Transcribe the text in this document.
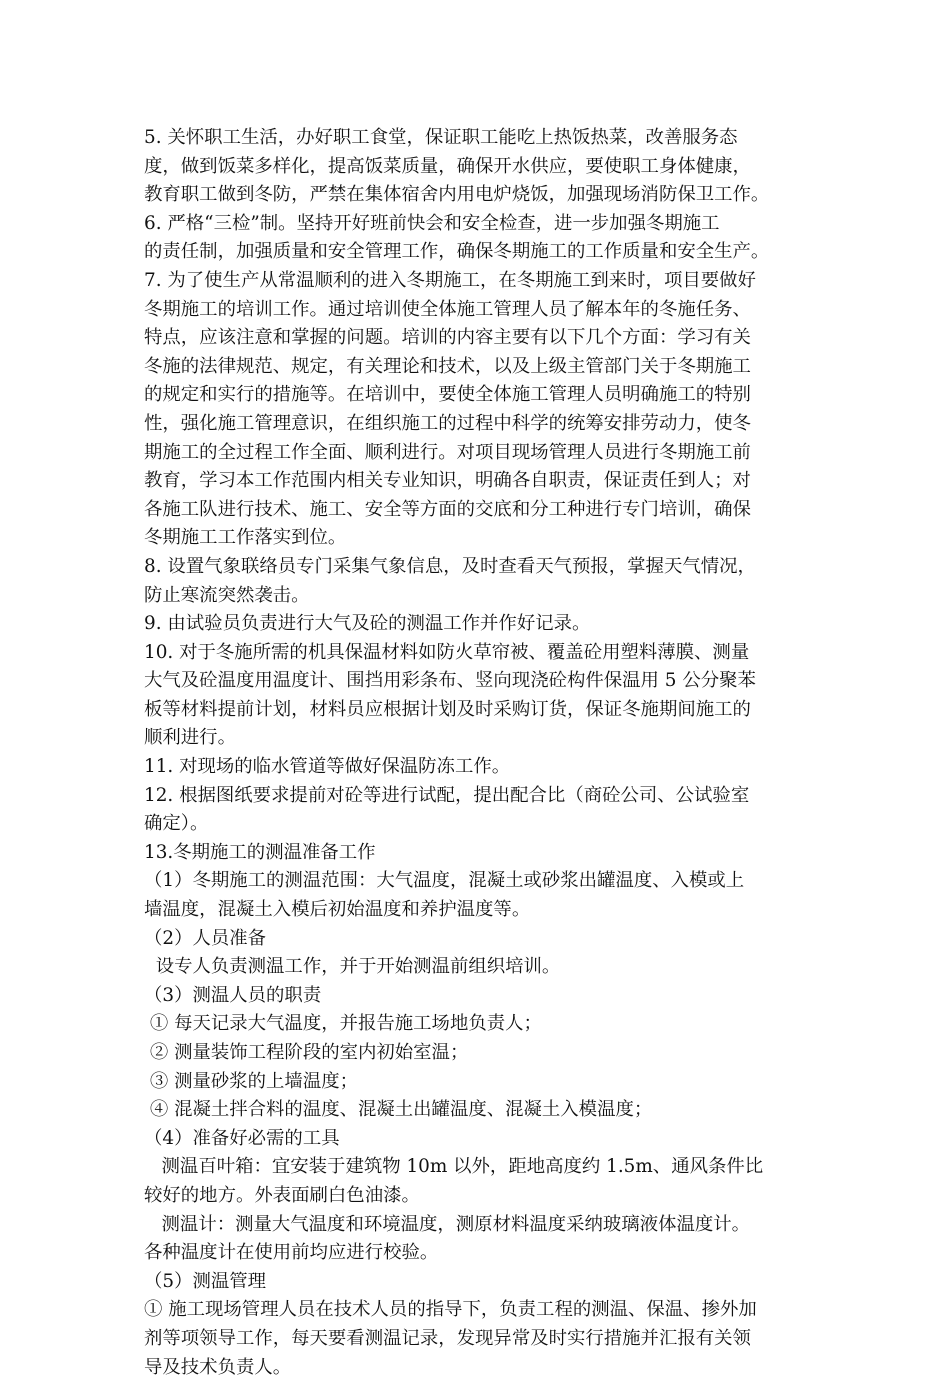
5. 关怀职工生活，办好职工食堂，保证职工能吃上热饭热菜，改善服务态
度，做到饭菜多样化，提高饭菜质量，确保开水供应，要使职工身体健康，
教育职工做到冬防，严禁在集体宿舍内用电炉烧饭，加强现场消防保卫工作。
6. 严格“三检”制。坚持开好班前快会和安全检查，进一步加强冬期施工
的责任制，加强质量和安全管理工作，确保冬期施工的工作质量和安全生产。
7. 为了使生产从常温顺利的进入冬期施工，在冬期施工到来时，项目要做好
冬期施工的培训工作。通过培训使全体施工管理人员了解本年的冬施任务、
特点，应该注意和掌握的问题。培训的内容主要有以下几个方面：学习有关
冬施的法律规范、规定，有关理论和技术，以及上级主管部门关于冬期施工
的规定和实行的措施等。在培训中，要使全体施工管理人员明确施工的特别
性，强化施工管理意识，在组织施工的过程中科学的统筹安排劳动力，使冬
期施工的全过程工作全面、顺利进行。对项目现场管理人员进行冬期施工前
教育，学习本工作范围内相关专业知识，明确各自职责，保证责任到人；对
各施工队进行技术、施工、安全等方面的交底和分工种进行专门培训，确保
冬期施工工作落实到位。
8. 设置气象联络员专门采集气象信息，及时查看天气预报，掌握天气情况，
防止寒流突然袭击。
9. 由试验员负责进行大气及砼的测温工作并作好记录。
10. 对于冬施所需的机具保温材料如防火草帘被、覆盖砼用塑料薄膜、测量
大气及砼温度用温度计、围挡用彩条布、竖向现浇砼构件保温用 5 公分聚苯
板等材料提前计划，材料员应根据计划及时采购订货，保证冬施期间施工的
顺利进行。
11. 对现场的临水管道等做好保温防冻工作。
12. 根据图纸要求提前对砼等进行试配，提出配合比（商砼公司、公试验室
确定）。
13.冬期施工的测温准备工作
（1）冬期施工的测温范围：大气温度，混凝土或砂浆出罐温度、入模或上
墙温度，混凝土入模后初始温度和养护温度等。
（2）人员准备
设专人负责测温工作，并于开始测温前组织培训。
（3）测温人员的职责
① 每天记录大气温度，并报告施工场地负责人；
② 测量装饰工程阶段的室内初始室温；
③ 测量砂浆的上墙温度；
④ 混凝土拌合料的温度、混凝土出罐温度、混凝土入模温度；
（4）准备好必需的工具
测温百叶箱：宜安装于建筑物 10m 以外，距地高度约 1.5m、通风条件比
较好的地方。外表面刷白色油漆。
测温计：测量大气温度和环境温度，测原材料温度采纳玻璃液体温度计。
各种温度计在使用前均应进行校验。
（5）测温管理
① 施工现场管理人员在技术人员的指导下，负责工程的测温、保温、掺外加
剂等项领导工作，每天要看测温记录，发现异常及时实行措施并汇报有关领
导及技术负责人。
